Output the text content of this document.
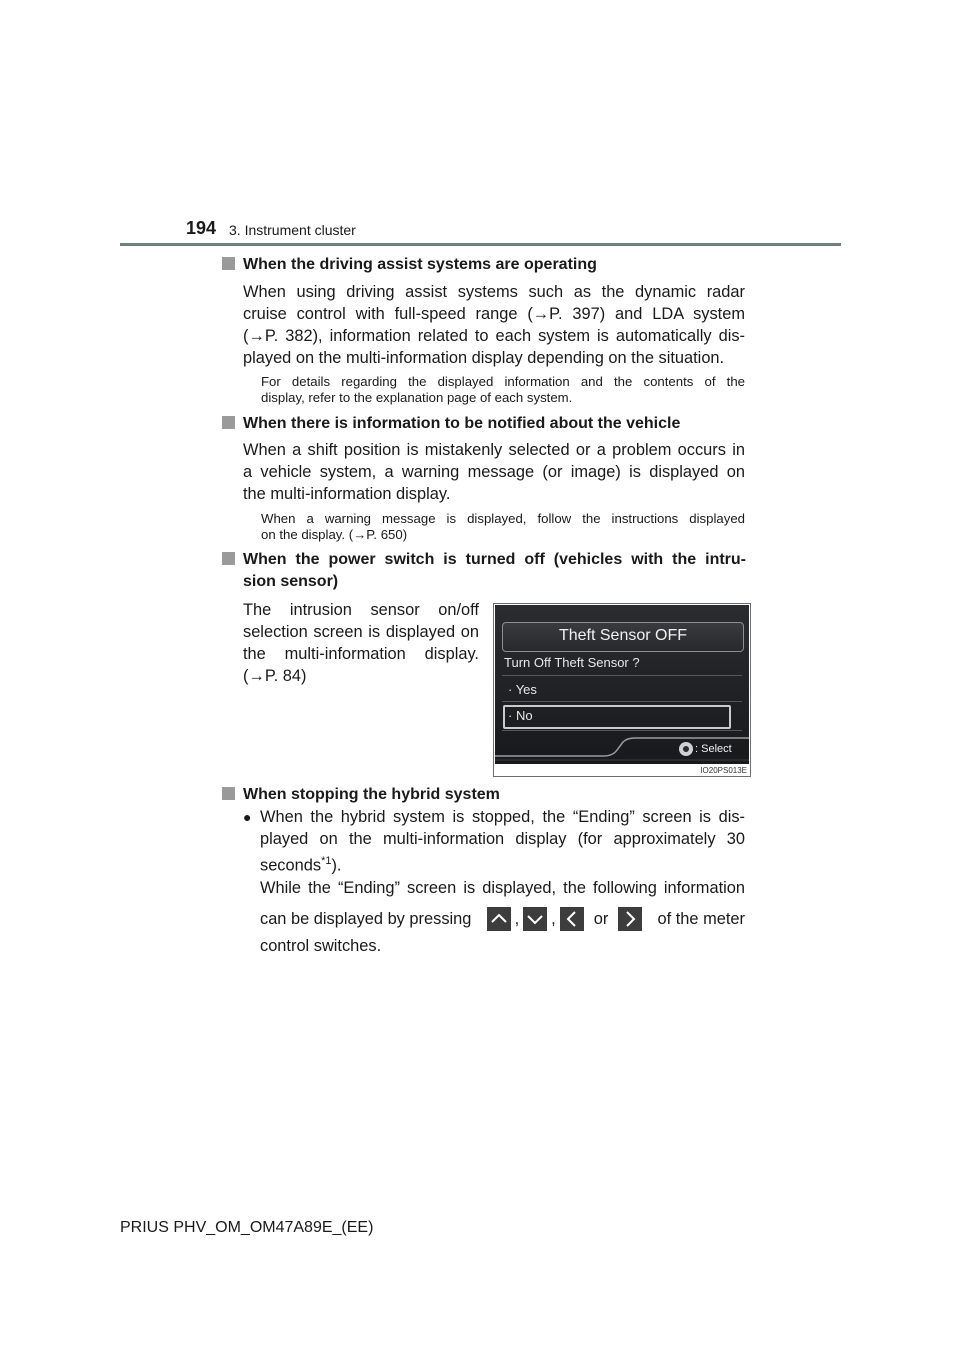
194 3. Instrument cluster
When the driving assist systems are operating
When using driving assist systems such as the dynamic radar
cruise control with full-speed range (→P. 397) and LDA system
(→P. 382), information related to each system is automatically dis-
played on the multi-information display depending on the situation.
For details regarding the displayed information and the contents of the
display, refer to the explanation page of each system.
When there is information to be notified about the vehicle
When a shift position is mistakenly selected or a problem occurs in
a vehicle system, a warning message (or image) is displayed on
the multi-information display.
When a warning message is displayed, follow the instructions displayed
on the display. (→P. 650)
When the power switch is turned off (vehicles with the intru-
sion sensor)
The intrusion sensor on/off
selection screen is displayed on
the multi-information display.
(→P. 84)
Theft Sensor OFF
Turn Off Theft Sensor ?
· Yes
· No
: Select
IO20PS013E
When stopping the hybrid system
● When the hybrid system is stopped, the “Ending” screen is dis-
played on the multi-information display (for approximately 30
seconds$^{*1}$).
While the “Ending” screen is displayed, the following information
can be displayed by pressing	, , or	of the meter
control switches.
PRIUS PHV_OM_OM47A89E_(EE)
